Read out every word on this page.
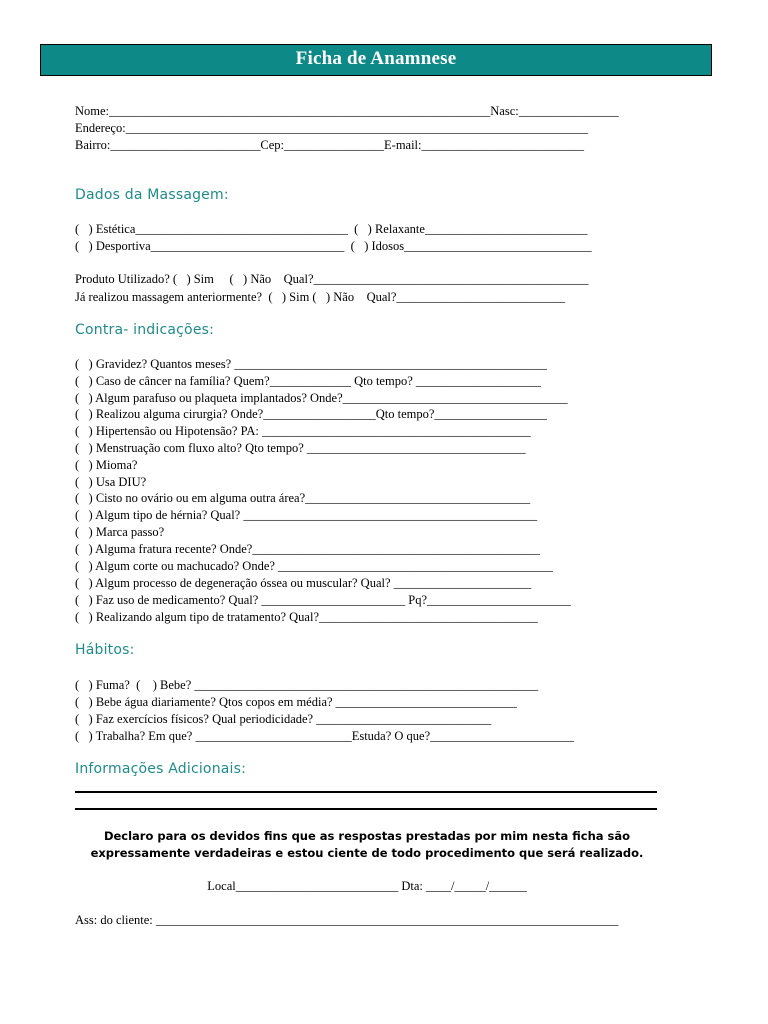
Ficha de Anamnese
Nome:_____________________________________________________________Nasc:________________
Endereço:__________________________________________________________________________
Bairro:________________________Cep:________________E-mail:__________________________
Dados da Massagem:
(   ) Estética__________________________________  (   ) Relaxante__________________________
(   ) Desportiva_______________________________  (   ) Idosos______________________________
Produto Utilizado? (   ) Sim     (   ) Não    Qual?____________________________________________
Já realizou massagem anteriormente?  (   ) Sim (   ) Não    Qual?___________________________
Contra- indicações:
(   ) Gravidez? Quantos meses? __________________________________________________
(   ) Caso de câncer na família? Quem?_____________ Qto tempo? ____________________
(   ) Algum parafuso ou plaqueta implantados? Onde?____________________________________
(   ) Realizou alguma cirurgia? Onde?__________________Qto tempo?__________________
(   ) Hipertensão ou Hipotensão? PA: ___________________________________________
(   ) Menstruação com fluxo alto? Qto tempo? ___________________________________
(   ) Mioma?
(   ) Usa DIU?
(   ) Cisto no ovário ou em alguma outra área?____________________________________
(   ) Algum tipo de hérnia? Qual? _______________________________________________
(   ) Marca passo?
(   ) Alguma fratura recente? Onde?______________________________________________
(   ) Algum corte ou machucado? Onde? ____________________________________________
(   ) Algum processo de degeneração óssea ou muscular? Qual? ______________________
(   ) Faz uso de medicamento? Qual? _______________________ Pq?_______________________
(   ) Realizando algum tipo de tratamento? Qual?___________________________________
Hábitos:
(   ) Fuma?  (    ) Bebe? _______________________________________________________
(   ) Bebe água diariamente? Qtos copos em média? _____________________________
(   ) Faz exercícios físicos? Qual periodicidade? ____________________________
(   ) Trabalha? Em que? _________________________Estuda? O que?_______________________
Informações Adicionais:
Declaro para os devidos fins que as respostas prestadas por mim nesta ficha são
expressamente verdadeiras e estou ciente de todo procedimento que será realizado.
Local__________________________ Dta: ____/_____/______
Ass: do cliente: __________________________________________________________________________
